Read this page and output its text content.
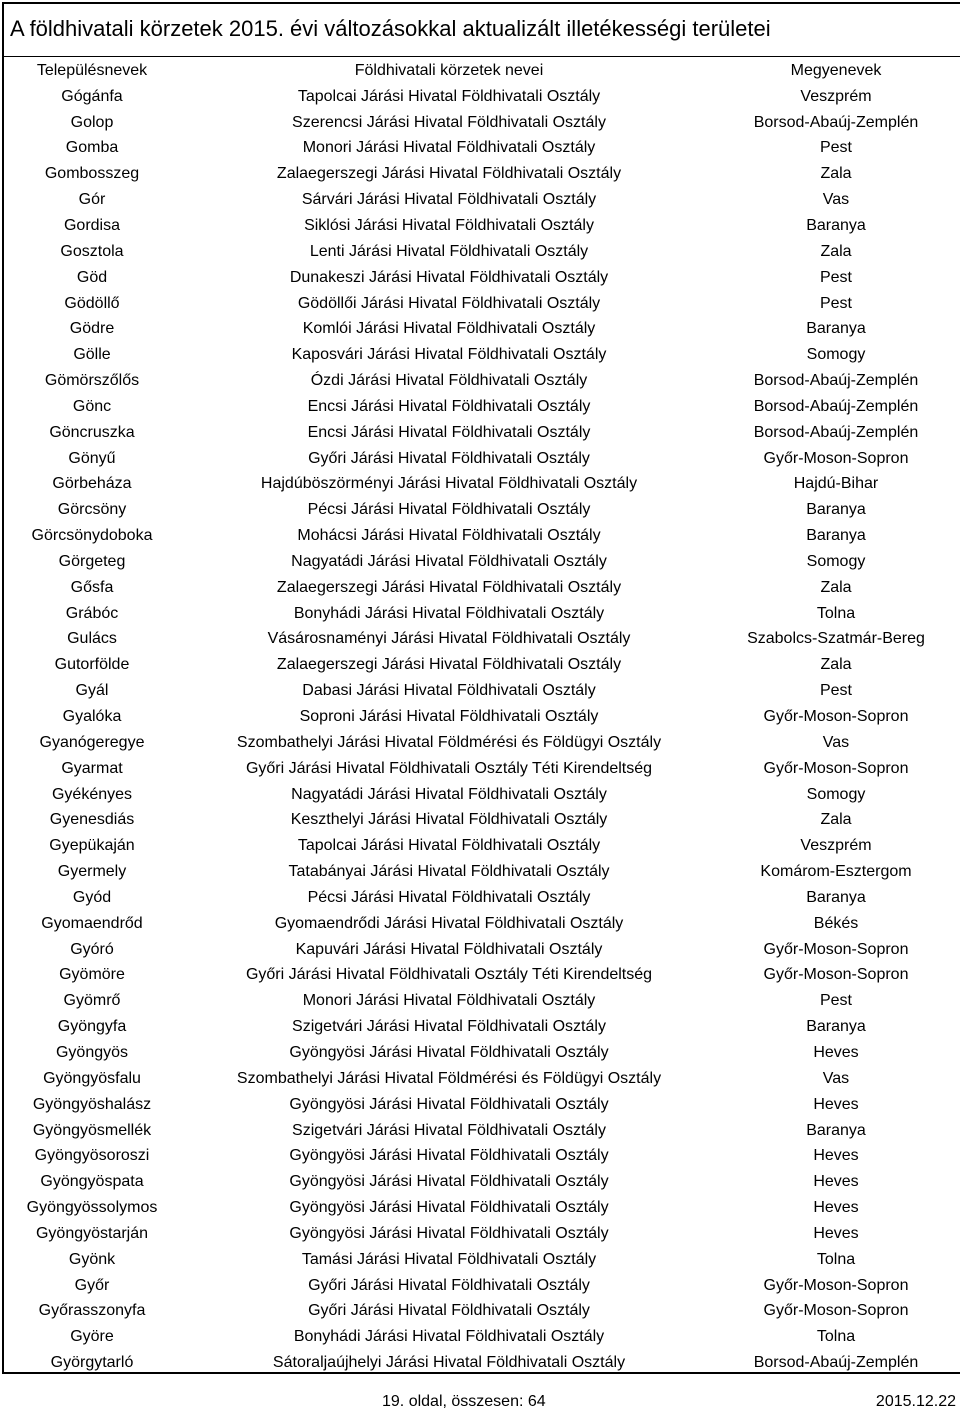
A földhivatali körzetek 2015. évi változásokkal aktualizált illetékességi területei
Településnevek	Földhivatali körzetek nevei	Megyenevek
Gógánfa	Tapolcai Járási Hivatal Földhivatali Osztály	Veszprém
Golop	Szerencsi Járási Hivatal Földhivatali Osztály	Borsod-Abaúj-Zemplén
Gomba	Monori Járási Hivatal Földhivatali Osztály	Pest
Gombosszeg	Zalaegerszegi Járási Hivatal Földhivatali Osztály	Zala
Gór	Sárvári Járási Hivatal Földhivatali Osztály	Vas
Gordisa	Siklósi Járási Hivatal Földhivatali Osztály	Baranya
Gosztola	Lenti Járási Hivatal Földhivatali Osztály	Zala
Göd	Dunakeszi Járási Hivatal Földhivatali Osztály	Pest
Gödöllő	Gödöllői Járási Hivatal Földhivatali Osztály	Pest
Gödre	Komlói Járási Hivatal Földhivatali Osztály	Baranya
Gölle	Kaposvári Járási Hivatal Földhivatali Osztály	Somogy
Gömörszőlős	Ózdi Járási Hivatal Földhivatali Osztály	Borsod-Abaúj-Zemplén
Gönc	Encsi Járási Hivatal Földhivatali Osztály	Borsod-Abaúj-Zemplén
Göncruszka	Encsi Járási Hivatal Földhivatali Osztály	Borsod-Abaúj-Zemplén
Gönyű	Győri Járási Hivatal Földhivatali Osztály	Győr-Moson-Sopron
Görbeháza	Hajdúböszörményi Járási Hivatal Földhivatali Osztály	Hajdú-Bihar
Görcsöny	Pécsi Járási Hivatal Földhivatali Osztály	Baranya
Görcsönydoboka	Mohácsi Járási Hivatal Földhivatali Osztály	Baranya
Görgeteg	Nagyatádi Járási Hivatal Földhivatali Osztály	Somogy
Gősfa	Zalaegerszegi Járási Hivatal Földhivatali Osztály	Zala
Grábóc	Bonyhádi Járási Hivatal Földhivatali Osztály	Tolna
Gulács	Vásárosnaményi Járási Hivatal Földhivatali Osztály	Szabolcs-Szatmár-Bereg
Gutorfölde	Zalaegerszegi Járási Hivatal Földhivatali Osztály	Zala
Gyál	Dabasi Járási Hivatal Földhivatali Osztály	Pest
Gyalóka	Soproni Járási Hivatal Földhivatali Osztály	Győr-Moson-Sopron
Gyanógeregye	Szombathelyi Járási Hivatal Földmérési és Földügyi Osztály	Vas
Gyarmat	Győri Járási Hivatal Földhivatali Osztály Téti Kirendeltség	Győr-Moson-Sopron
Gyékényes	Nagyatádi Járási Hivatal Földhivatali Osztály	Somogy
Gyenesdiás	Keszthelyi Járási Hivatal Földhivatali Osztály	Zala
Gyepükaján	Tapolcai Járási Hivatal Földhivatali Osztály	Veszprém
Gyermely	Tatabányai Járási Hivatal Földhivatali Osztály	Komárom-Esztergom
Gyód	Pécsi Járási Hivatal Földhivatali Osztály	Baranya
Gyomaendrőd	Gyomaendrődi Járási Hivatal Földhivatali Osztály	Békés
Gyóró	Kapuvári Járási Hivatal Földhivatali Osztály	Győr-Moson-Sopron
Gyömöre	Győri Járási Hivatal Földhivatali Osztály Téti Kirendeltség	Győr-Moson-Sopron
Gyömrő	Monori Járási Hivatal Földhivatali Osztály	Pest
Gyöngyfa	Szigetvári Járási Hivatal Földhivatali Osztály	Baranya
Gyöngyös	Gyöngyösi Járási Hivatal Földhivatali Osztály	Heves
Gyöngyösfalu	Szombathelyi Járási Hivatal Földmérési és Földügyi Osztály	Vas
Gyöngyöshalász	Gyöngyösi Járási Hivatal Földhivatali Osztály	Heves
Gyöngyösmellék	Szigetvári Járási Hivatal Földhivatali Osztály	Baranya
Gyöngyösoroszi	Gyöngyösi Járási Hivatal Földhivatali Osztály	Heves
Gyöngyöspata	Gyöngyösi Járási Hivatal Földhivatali Osztály	Heves
Gyöngyössolymos	Gyöngyösi Járási Hivatal Földhivatali Osztály	Heves
Gyöngyöstarján	Gyöngyösi Járási Hivatal Földhivatali Osztály	Heves
Gyönk	Tamási Járási Hivatal Földhivatali Osztály	Tolna
Győr	Győri Járási Hivatal Földhivatali Osztály	Győr-Moson-Sopron
Győrasszonyfa	Győri Járási Hivatal Földhivatali Osztály	Győr-Moson-Sopron
Györe	Bonyhádi Járási Hivatal Földhivatali Osztály	Tolna
Györgytarló	Sátoraljaújhelyi Járási Hivatal Földhivatali Osztály	Borsod-Abaúj-Zemplén
19. oldal, összesen: 64	2015.12.22
